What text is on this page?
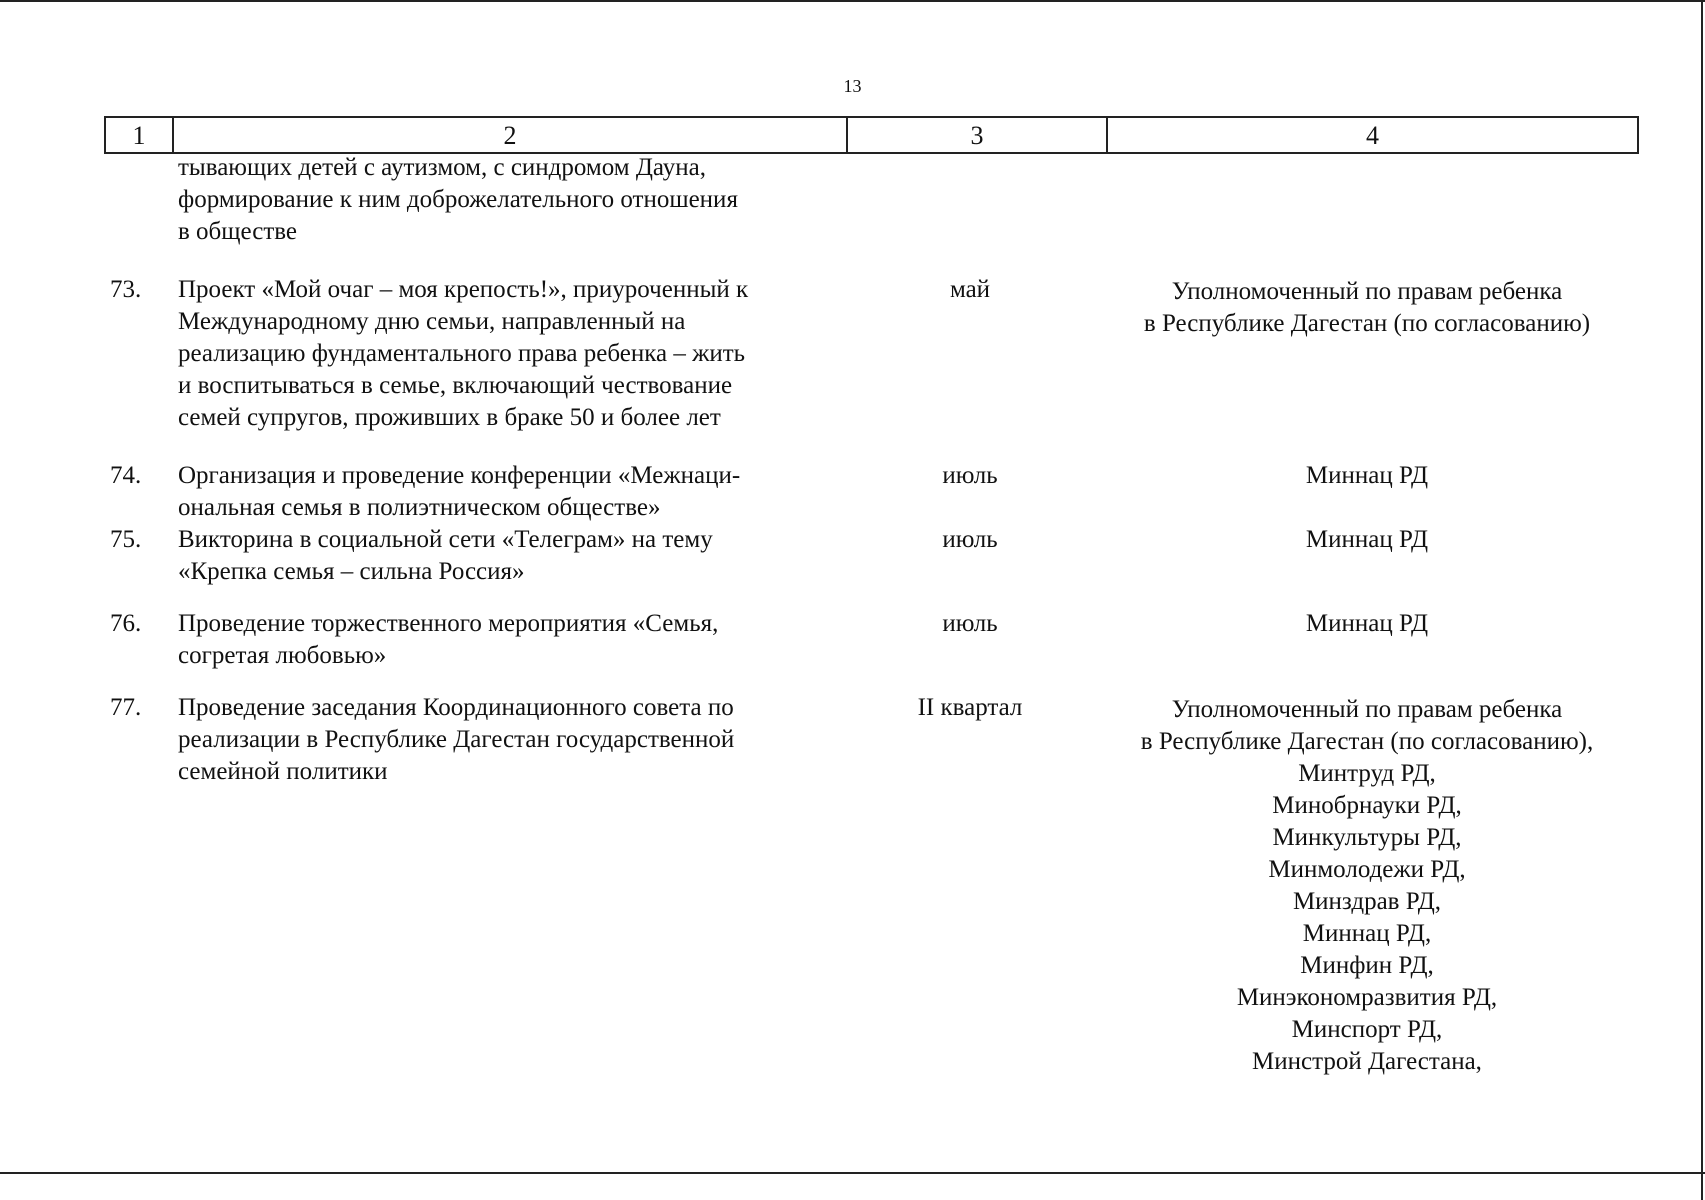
13
1	2	3	4
тывающих детей с аутизмом, с синдромом Дауна,
формирование к ним доброжелательного отношения
в обществе
73.	Проект «Мой очаг – моя крепость!», приуроченный к
Международному дню семьи, направленный на
реализацию фундаментального права ребенка – жить
и воспитываться в семье, включающий чествование
семей супругов, проживших в браке 50 и более лет
май	Уполномоченный по правам ребенка
в Республике Дагестан (по согласованию)
74.	Организация и проведение конференции «Межнаци-
ональная семья в полиэтническом обществе»
июль	Миннац РД
75.	Викторина в социальной сети «Телеграм» на тему
«Крепка семья – сильна Россия»
июль	Миннац РД
76.	Проведение торжественного мероприятия «Семья,
согретая любовью»
июль	Миннац РД
77.	Проведение заседания Координационного совета по
реализации в Республике Дагестан государственной
семейной политики
II квартал	Уполномоченный по правам ребенка
в Республике Дагестан (по согласованию),
Минтруд РД,
Минобрнауки РД,
Минкультуры РД,
Минмолодежи РД,
Минздрав РД,
Миннац РД,
Минфин РД,
Минэкономразвития РД,
Минспорт РД,
Минстрой Дагестана,
